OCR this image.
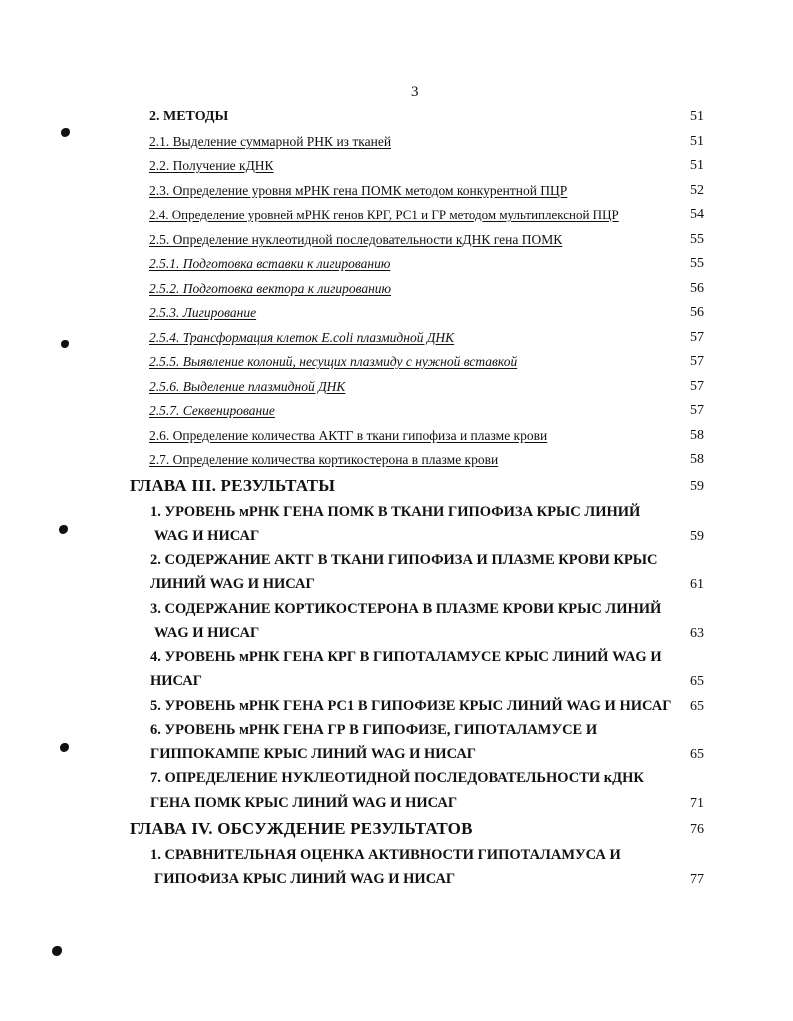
3
2. МЕТОДЫ	51
2.1. Выделение суммарной РНК из тканей	51
2.2. Получение кДНК	51
2.3. Определение уровня мРНК гена ПОМК методом конкурентной ПЦР	52
2.4. Определение уровней мРНК генов КРГ, РС1 и ГР методом мультиплексной ПЦР	54
2.5. Определение нуклеотидной последовательности кДНК гена ПОМК	55
2.5.1. Подготовка вставки к лигированию	55
2.5.2. Подготовка вектора к лигированию	56
2.5.3. Лигирование	56
2.5.4. Трансформация клеток E.coli плазмидной ДНК	57
2.5.5. Выявление колоний, несущих плазмиду с нужной вставкой	57
2.5.6. Выделение плазмидной ДНК	57
2.5.7. Секвенирование	57
2.6. Определение количества АКТГ в ткани гипофиза и плазме крови	58
2.7. Определение количества кортикостерона в плазме крови	58
ГЛАВА III. РЕЗУЛЬТАТЫ	59
1. УРОВЕНЬ мРНК ГЕНА ПОМК В ТКАНИ ГИПОФИЗА КРЫС ЛИНИЙ
WAG И НИСАГ	59
2. СОДЕРЖАНИЕ АКТГ В ТКАНИ ГИПОФИЗА И ПЛАЗМЕ КРОВИ КРЫС
ЛИНИЙ WAG И НИСАГ	61
3. СОДЕРЖАНИЕ КОРТИКОСТЕРОНА В ПЛАЗМЕ КРОВИ КРЫС ЛИНИЙ
WAG И НИСАГ	63
4. УРОВЕНЬ мРНК ГЕНА КРГ В ГИПОТАЛАМУСЕ КРЫС ЛИНИЙ WAG И
НИСАГ	65
5. УРОВЕНЬ мРНК ГЕНА РС1 В ГИПОФИЗЕ КРЫС ЛИНИЙ WAG И НИСАГ 65
6. УРОВЕНЬ мРНК ГЕНА ГР В ГИПОФИЗЕ, ГИПОТАЛАМУСЕ И
ГИППОКАМПЕ КРЫС ЛИНИЙ WAG И НИСАГ	65
7. ОПРЕДЕЛЕНИЕ НУКЛЕОТИДНОЙ ПОСЛЕДОВАТЕЛЬНОСТИ кДНК
ГЕНА ПОМК КРЫС ЛИНИЙ WAG И НИСАГ	71
ГЛАВА IV. ОБСУЖДЕНИЕ РЕЗУЛЬТАТОВ	76
1. СРАВНИТЕЛЬНАЯ ОЦЕНКА АКТИВНОСТИ ГИПОТАЛАМУСА И
ГИПОФИЗА КРЫС ЛИНИЙ WAG И НИСАГ	77
